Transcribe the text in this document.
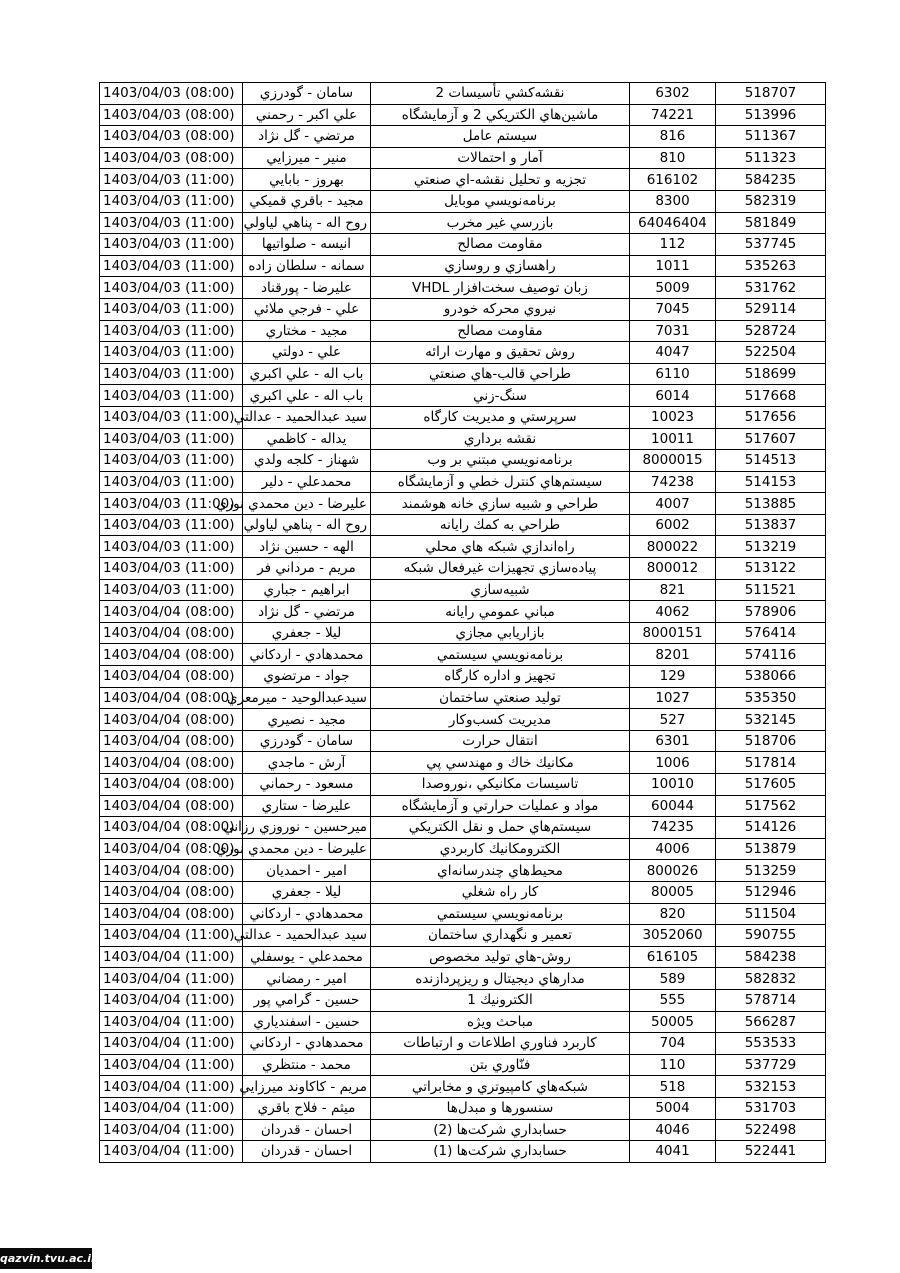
1403/04/03 (08:00)	سامان - گودرزي	نقشه‌کشي تأسيسات 2	6302	518707
1403/04/03 (08:00)	علي اكبر - رحمني	ماشين‌هاي الكتريكي 2 و آزمايشگاه	74221	513996
1403/04/03 (08:00)	مرتضي - گل نژاد	سيستم عامل	816	511367
1403/04/03 (08:00)	منير - ميرزايي	آمار و احتمالات	810	511323
1403/04/03 (11:00)	بهروز - بابايي	تجزيه و تحليل نقشه-اي صنعتي	616102	584235
1403/04/03 (11:00)	مجيد - باقري قميكي	برنامه‌نويسي موبايل	8300	582319
1403/04/03 (11:00)	روح اله - پناهي لياولي	بازرسي غير مخرب	64046404	581849
1403/04/03 (11:00)	انيسه - صلواتيها	مقاومت مصالح	112	537745
1403/04/03 (11:00)	سمانه - سلطان زاده	راهسازي و روسازي	1011	535263
1403/04/03 (11:00)	عليرضا - پورقناد	زبان توصيف سخت‌افزار VHDL	5009	531762
1403/04/03 (11:00)	علي - فرجي ملائي	نيروي محركه خودرو	7045	529114
1403/04/03 (11:00)	مجيد - مختاري	مقاومت مصالح	7031	528724
1403/04/03 (11:00)	علي - دولتي	روش تحقيق و مهارت ارائه	4047	522504
1403/04/03 (11:00)	باب اله - علي اكبري	طراحي قالب-هاي صنعتي	6110	518699
1403/04/03 (11:00)	باب اله - علي اكبري	سنگ-زني	6014	517668
1403/04/03 (11:00)	سيد عبدالحميد - عدالتي	سرپرستي و مديريت كارگاه	10023	517656
1403/04/03 (11:00)	يداله - كاظمي	نقشه برداري	10011	517607
1403/04/03 (11:00)	شهناز - كلجه ولدي	برنامه‌نويسي مبتني بر وب	8000015	514513
1403/04/03 (11:00)	محمدعلي - دلير	سيستم‌هاي كنترل خطي و آزمايشگاه	74238	514153
1403/04/03 (11:00)	عليرضا - دين محمدي نوري	طراحي و شبيه سازي خانه هوشمند	4007	513885
1403/04/03 (11:00)	روح اله - پناهي لياولي	طراحي به كمك رايانه	6002	513837
1403/04/03 (11:00)	الهه - حسين نژاد	راه‌اندازي شبكه هاي محلي	800022	513219
1403/04/03 (11:00)	مريم - مرداني فر	پياده‌سازي تجهيزات غيرفعال شبكه	800012	513122
1403/04/03 (11:00)	ابراهيم - جباري	شبيه‌سازي	821	511521
1403/04/04 (08:00)	مرتضي - گل نژاد	مباني عمومي رايانه	4062	578906
1403/04/04 (08:00)	ليلا - جعفري	بازاريابي مجازي	8000151	576414
1403/04/04 (08:00)	محمدهادي - اردكاني	برنامه‌نويسي سيستمي	8201	574116
1403/04/04 (08:00)	جواد - مرتضوي	تجهيز و اداره كارگاه	129	538066
1403/04/04 (08:00)	سيدعبدالوحيد - ميرمعزي	توليد صنعتي ساختمان	1027	535350
1403/04/04 (08:00)	مجيد - نصيري	مديريت كسب‌وكار	527	532145
1403/04/04 (08:00)	سامان - گودرزي	انتقال حرارت	6301	518706
1403/04/04 (08:00)	آرش - ماجدي	مكانيك خاك و مهندسي پي	1006	517814
1403/04/04 (08:00)	مسعود - رحماني	تاسيسات مكانيكي ،نوروصدا	10010	517605
1403/04/04 (08:00)	عليرضا - ستاري	مواد و عمليات حرارتي و آزمايشگاه	60044	517562
1403/04/04 (08:00)	ميرحسين - نوروزي رزاني	سيستم‌هاي حمل و نقل الكتريكي	74235	514126
1403/04/04 (08:00)	عليرضا - دين محمدي نوري	الكترومكانيك كاربردي	4006	513879
1403/04/04 (08:00)	امير - احمديان	محيط‌هاي چندرسانه‌اي	800026	513259
1403/04/04 (08:00)	ليلا - جعفري	كار راه شغلي	80005	512946
1403/04/04 (08:00)	محمدهادي - اردكاني	برنامه‌نويسي سيستمي	820	511504
1403/04/04 (11:00)	سيد عبدالحميد - عدالتي	تعمير و نگهداري ساختمان	3052060	590755
1403/04/04 (11:00)	محمدعلي - يوسفلي	روش-هاي توليد مخصوص	616105	584238
1403/04/04 (11:00)	امير - رمضاني	مدارهاي ديجيتال و ريزپردازنده	589	582832
1403/04/04 (11:00)	حسين - گرامي پور	الكترونيك 1	555	578714
1403/04/04 (11:00)	حسين - اسفندياري	مباحث ويژه	50005	566287
1403/04/04 (11:00)	محمدهادي - اردكاني	كاربرد فناوري اطلاعات و ارتباطات	704	553533
1403/04/04 (11:00)	محمد - منتظري	فنّاوري بتن	110	537729
1403/04/04 (11:00)	مريم - كاكاوند ميرزايي	شبكه‌هاي كامپيوتري و مخابراتي	518	532153
1403/04/04 (11:00)	ميثم - فلاح باقري	سنسورها و مبدل‌ها	5004	531703
1403/04/04 (11:00)	احسان - قدردان	حسابداري شركت‌ها (2)	4046	522498
1403/04/04 (11:00)	احسان - قدردان	حسابداري شركت‌ها (1)	4041	522441
qazvin.tvu.ac.ir
